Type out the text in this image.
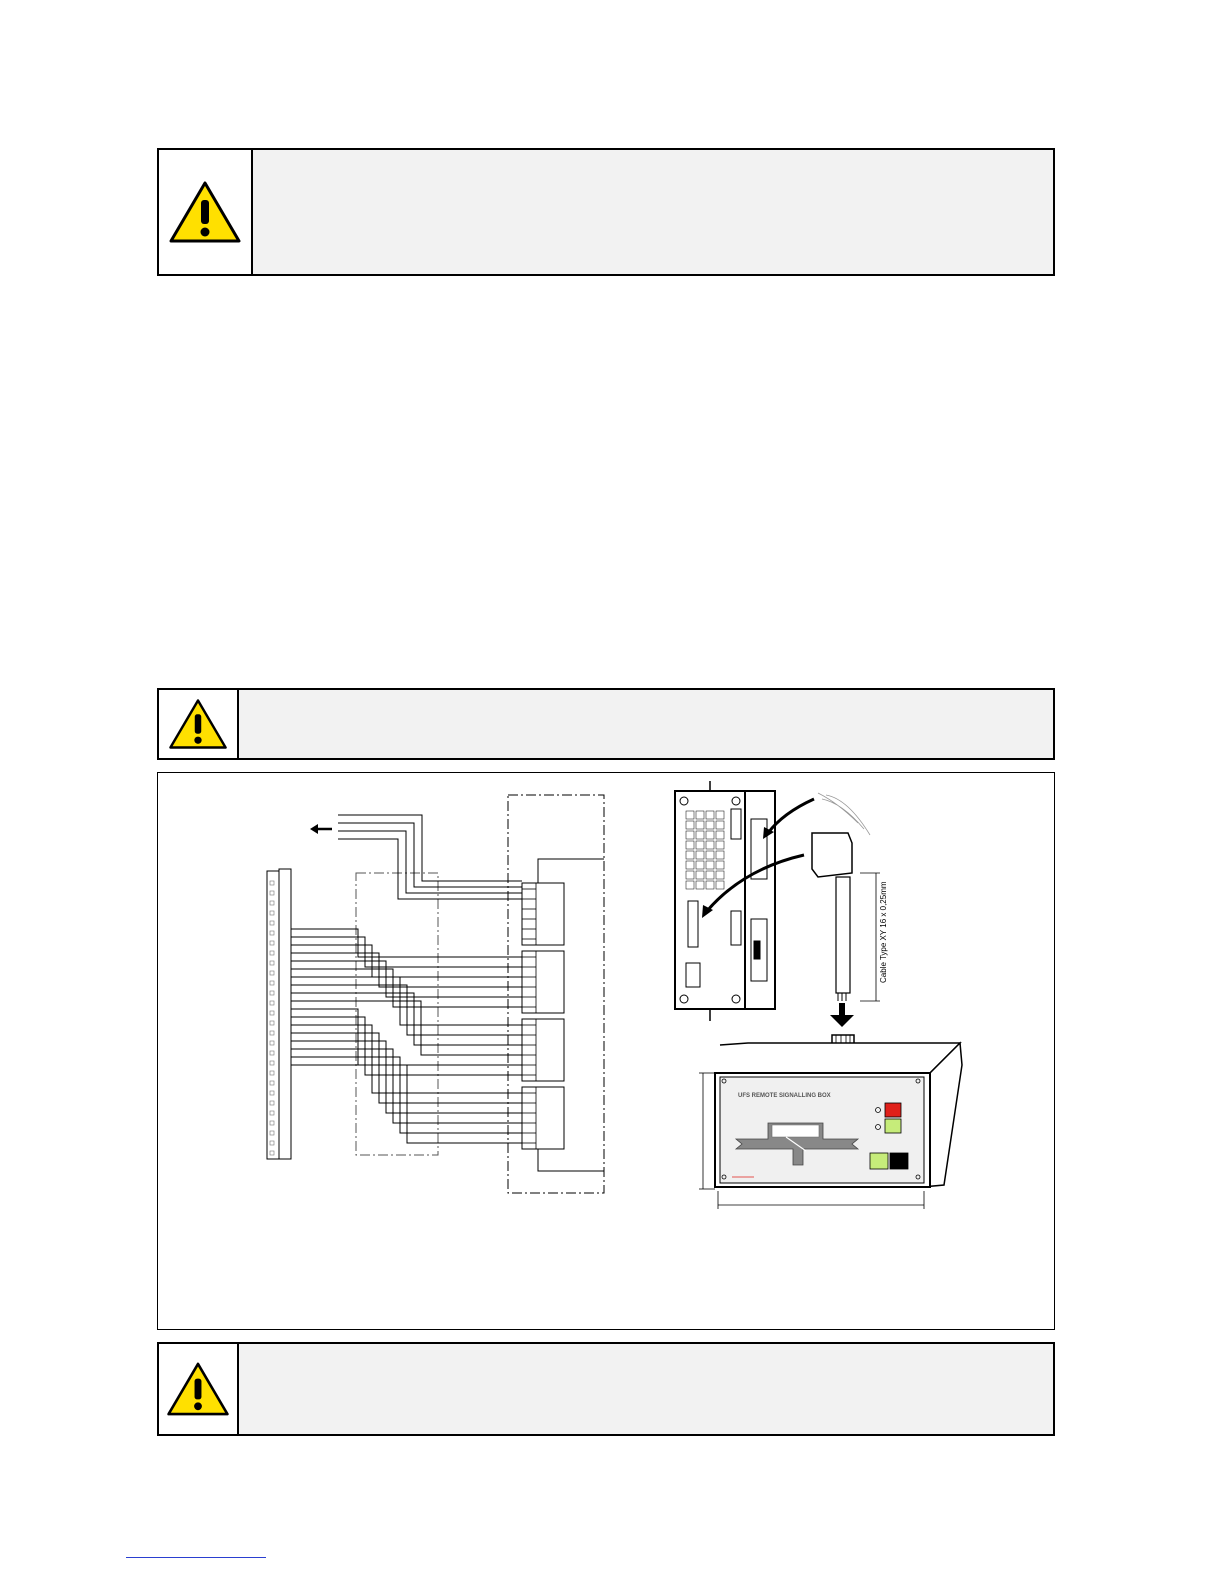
Cable Type XY 16 x 0,25mm
UFS REMOTE SIGNALLING BOX
